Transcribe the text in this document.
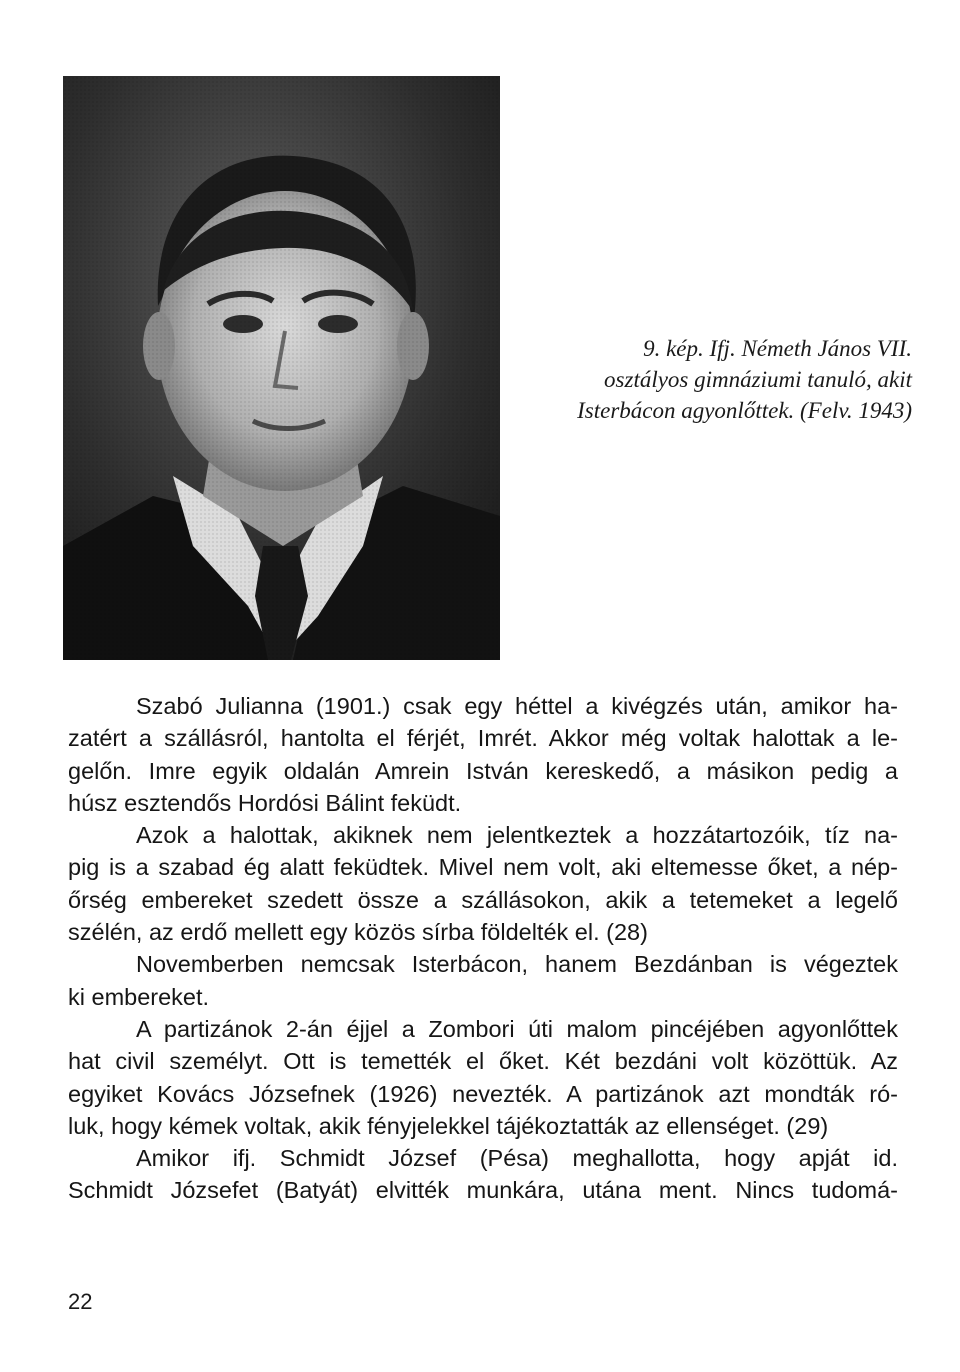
9. kép. Ifj. Németh János VII.
osztályos gimnáziumi tanuló, akit
Isterbácon agyonlőttek. (Felv. 1943)
Szabó Julianna (1901.) csak egy héttel a kivégzés után, amikor ha-
zatért a szállásról, hantolta el férjét, Imrét. Akkor még voltak halottak a le-
gelőn. Imre egyik oldalán Amrein István kereskedő, a másikon pedig a
húsz esztendős Hordósi Bálint feküdt.
Azok a halottak, akiknek nem jelentkeztek a hozzátartozóik, tíz na-
pig is a szabad ég alatt feküdtek. Mivel nem volt, aki eltemesse őket, a nép-
őrség embereket szedett össze a szállásokon, akik a tetemeket a legelő
szélén, az erdő mellett egy közös sírba földelték el. (28)
Novemberben nemcsak Isterbácon, hanem Bezdánban is végeztek
ki embereket.
A partizánok 2-án éjjel a Zombori úti malom pincéjében agyonlőttek
hat civil személyt. Ott is temették el őket. Két bezdáni volt közöttük. Az
egyiket Kovács Józsefnek (1926) nevezték. A partizánok azt mondták ró-
luk, hogy kémek voltak, akik fényjelekkel tájékoztatták az ellenséget. (29)
Amikor ifj. Schmidt József (Pésa) meghallotta, hogy apját id.
Schmidt Józsefet (Batyát) elvitték munkára, utána ment. Nincs tudomá-
22
